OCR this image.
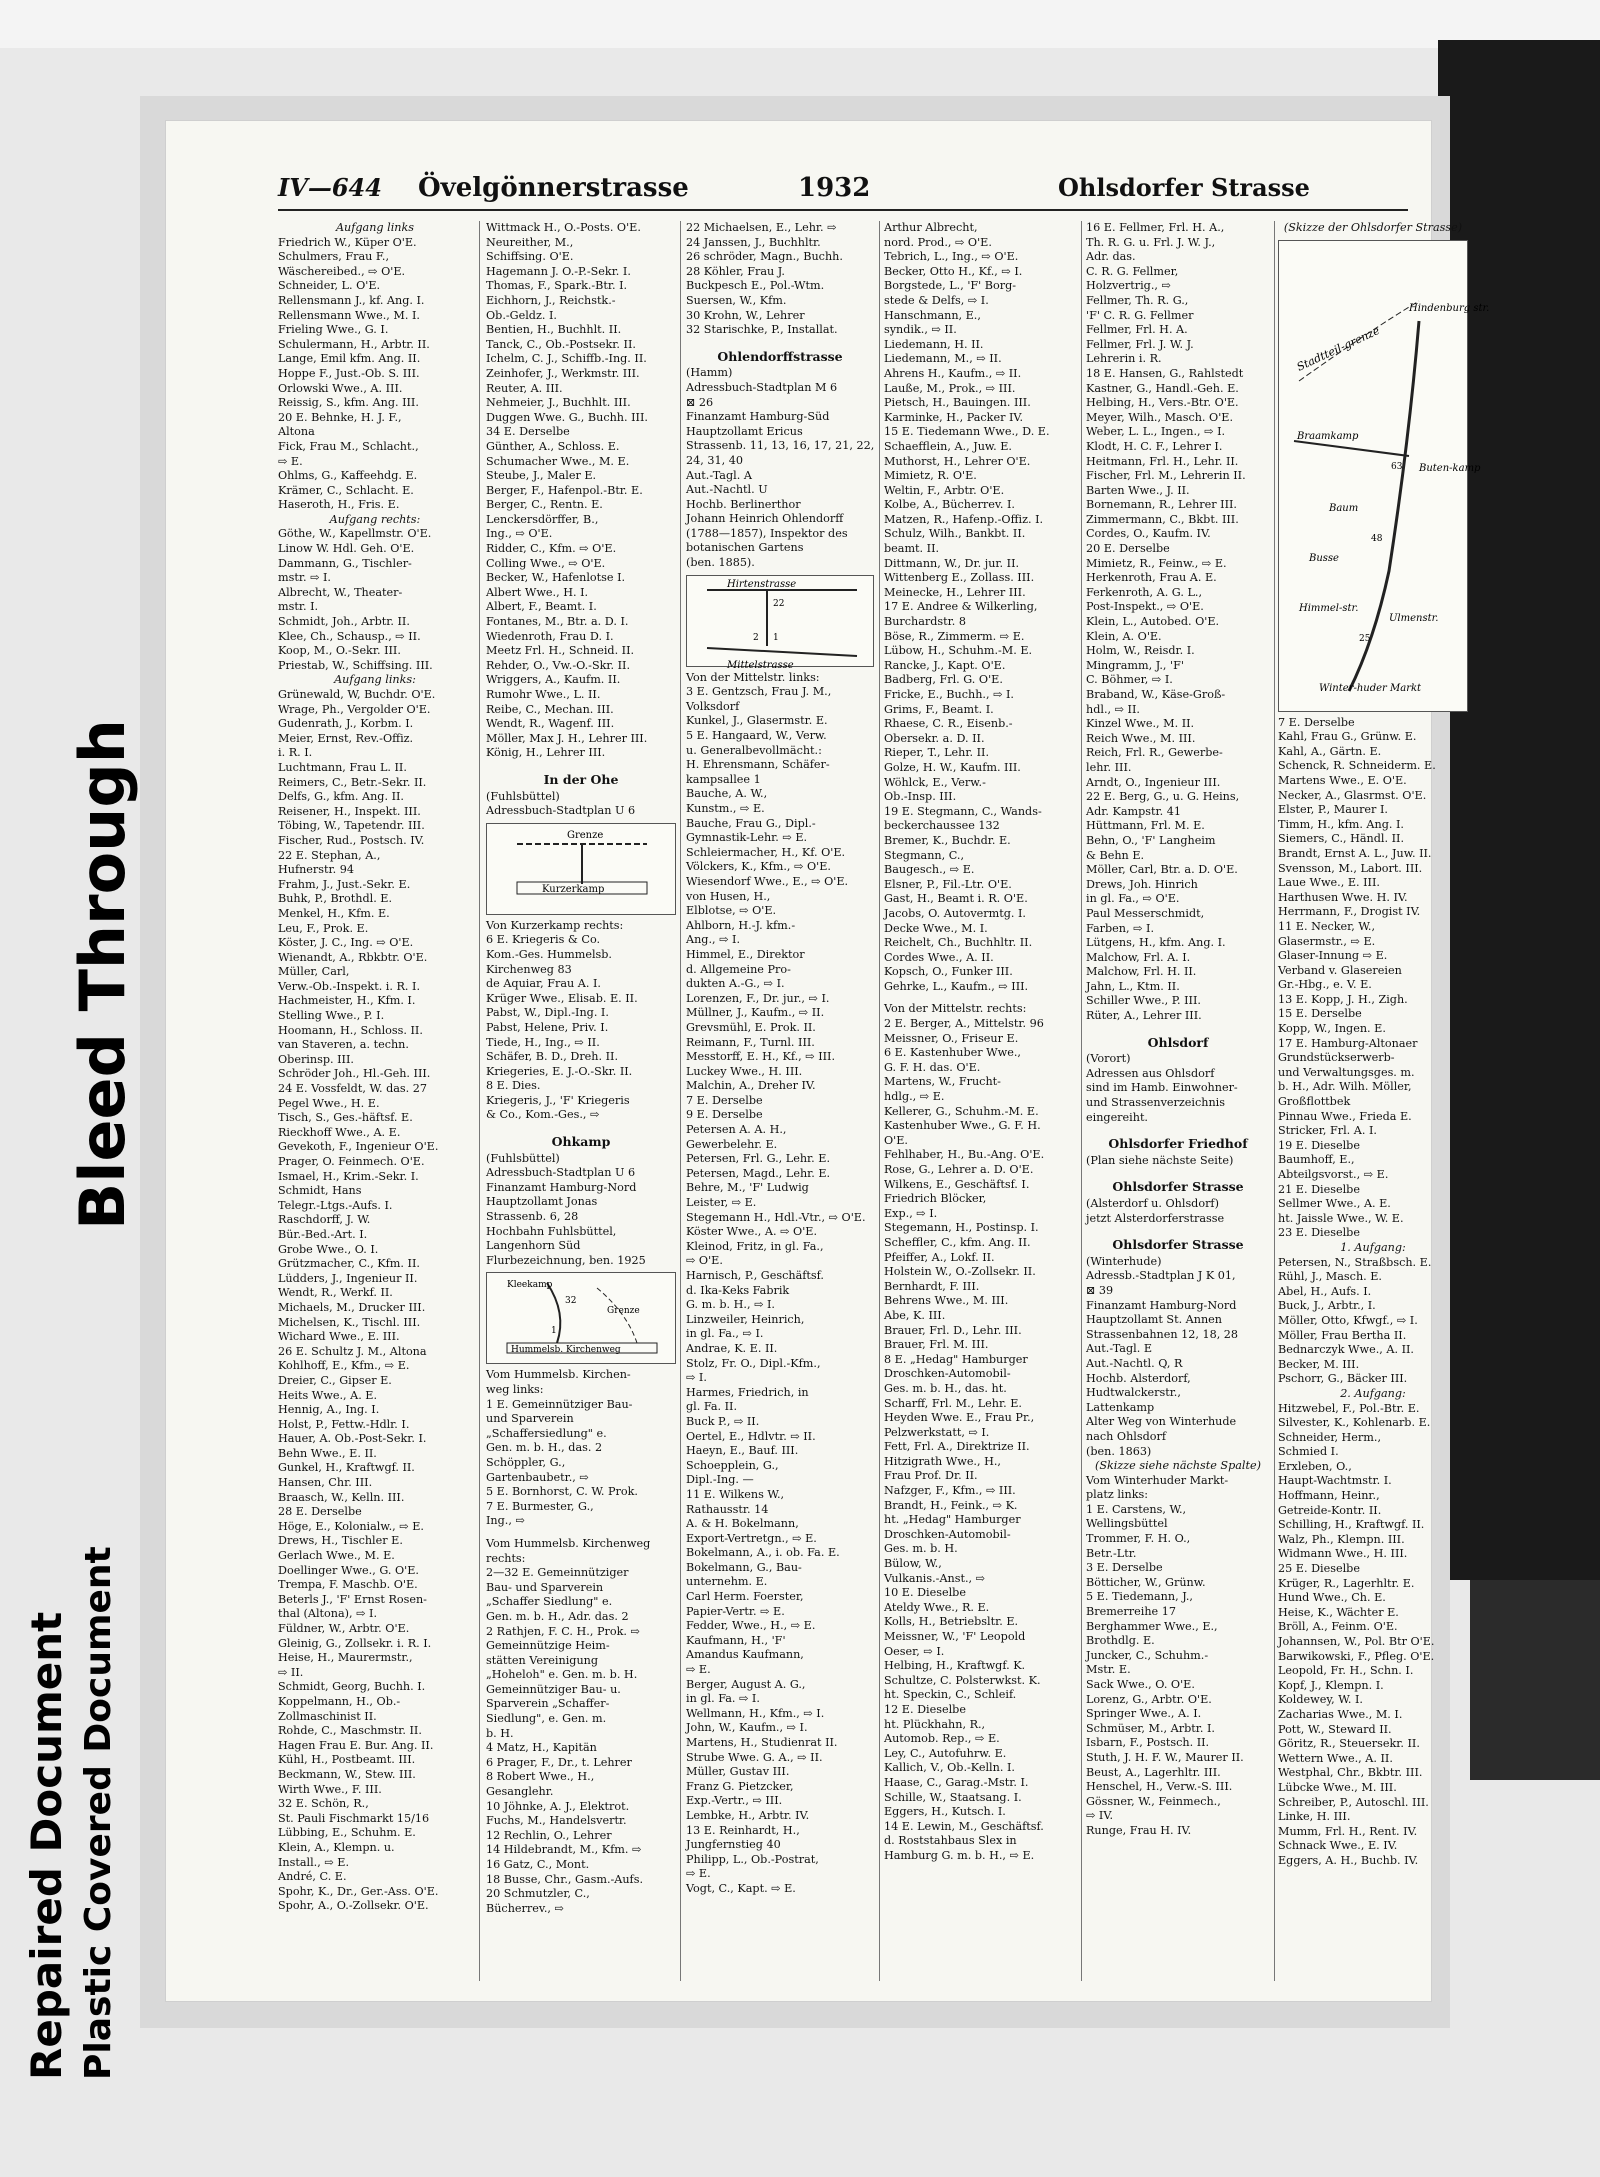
IV—644 Övelgönnerstrasse	1932	Ohlsdorfer Strasse
Aufgang links
Friedrich W., Küper O'E.
Schulmers, Frau F.,
Wäschereibed., ⇨ O'E.
Schneider, L. O'E.
Rellensmann J., kf. Ang. I.
Rellensmann Wwe., M. I.
Frieling Wwe., G. I.
Schulermann, H., Arbtr. II.
Lange, Emil kfm. Ang. II.
Hoppe F., Just.-Ob. S. III.
Orlowski Wwe., A. III.
Reissig, S., kfm. Ang. III.
20 E. Behnke, H. J. F.,
Altona
Fick, Frau M., Schlacht.,
⇨ E.
Ohlms, G., Kaffeehdg. E.
Krämer, C., Schlacht. E.
Haseroth, H., Fris. E.
Aufgang rechts:
Göthe, W., Kapellmstr. O'E.
Linow W. Hdl. Geh. O'E.
Dammann, G., Tischler-
mstr. ⇨ I.
Albrecht, W., Theater-
mstr. I.
Schmidt, Joh., Arbtr. II.
Klee, Ch., Schausp., ⇨ II.
Koop, M., O.-Sekr. III.
Priestab, W., Schiffsing. III.
Aufgang links:
Grünewald, W, Buchdr. O'E.
Wrage, Ph., Vergolder O'E.
Gudenrath, J., Korbm. I.
Meier, Ernst, Rev.-Offiz.
i. R. I.
Luchtmann, Frau L. II.
Reimers, C., Betr.-Sekr. II.
Delfs, G., kfm. Ang. II.
Reisener, H., Inspekt. III.
Töbing, W., Tapetendr. III.
Fischer, Rud., Postsch. IV.
22 E. Stephan, A.,
Hufnerstr. 94
Frahm, J., Just.-Sekr. E.
Buhk, P., Brothdl. E.
Menkel, H., Kfm. E.
Leu, F., Prok. E.
Köster, J. C., Ing. ⇨ O'E.
Wienandt, A., Rbkbtr. O'E.
Müller, Carl,
Verw.-Ob.-Inspekt. i. R. I.
Hachmeister, H., Kfm. I.
Stelling Wwe., P. I.
Hoomann, H., Schloss. II.
van Staveren, a. techn.
Oberinsp. III.
Schröder Joh., Hl.-Geh. III.
24 E. Vossfeldt, W. das. 27
Pegel Wwe., H. E.
Tisch, S., Ges.-häftsf. E.
Rieckhoff Wwe., A. E.
Gevekoth, F., Ingenieur O'E.
Prager, O. Feinmech. O'E.
Ismael, H., Krim.-Sekr. I.
Schmidt, Hans
Telegr.-Ltgs.-Aufs. I.
Raschdorff, J. W.
Bür.-Bed.-Art. I.
Grobe Wwe., O. I.
Grützmacher, C., Kfm. II.
Lüdders, J., Ingenieur II.
Wendt, R., Werkf. II.
Michaels, M., Drucker III.
Michelsen, K., Tischl. III.
Wichard Wwe., E. III.
26 E. Schultz J. M., Altona
Kohlhoff, E., Kfm., ⇨ E.
Dreier, C., Gipser E.
Heits Wwe., A. E.
Hennig, A., Ing. I.
Holst, P., Fettw.-Hdlr. I.
Hauer, A. Ob.-Post-Sekr. I.
Behn Wwe., E. II.
Gunkel, H., Kraftwgf. II.
Hansen, Chr. III.
Braasch, W., Kelln. III.
28 E. Derselbe
Höge, E., Kolonialw., ⇨ E.
Drews, H., Tischler E.
Gerlach Wwe., M. E.
Doellinger Wwe., G. O'E.
Trempa, F. Maschb. O'E.
Beterls J., 'F' Ernst Rosen-
thal (Altona), ⇨ I.
Füldner, W., Arbtr. O'E.
Gleinig, G., Zollsekr. i. R. I.
Heise, H., Maurermstr.,
⇨ II.
Schmidt, Georg, Buchh. I.
Koppelmann, H., Ob.-
Zollmaschinist II.
Rohde, C., Maschmstr. II.
Hagen Frau E. Bur. Ang. II.
Kühl, H., Postbeamt. III.
Beckmann, W., Stew. III.
Wirth Wwe., F. III.
32 E. Schön, R.,
St. Pauli Fischmarkt 15/16
Lübbing, E., Schuhm. E.
Klein, A., Klempn. u.
Install., ⇨ E.
André, C. E.
Spohr, K., Dr., Ger.-Ass. O'E.
Spohr, A., O.-Zollsekr. O'E.
Wittmack H., O.-Posts. O'E.
Neureither, M.,
Schiffsing. O'E.
Hagemann J. O.-P.-Sekr. I.
Thomas, F., Spark.-Btr. I.
Eichhorn, J., Reichstk.-
Ob.-Geldz. I.
Bentien, H., Buchhlt. II.
Tanck, C., Ob.-Postsekr. II.
Ichelm, C. J., Schiffb.-Ing. II.
Zeinhofer, J., Werkmstr. III.
Reuter, A. III.
Nehmeier, J., Buchhlt. III.
Duggen Wwe. G., Buchh. III.
34 E. Derselbe
Günther, A., Schloss. E.
Schumacher Wwe., M. E.
Steube, J., Maler E.
Berger, F., Hafenpol.-Btr. E.
Berger, C., Rentn. E.
Lenckersdörffer, B.,
Ing., ⇨ O'E.
Ridder, C., Kfm. ⇨ O'E.
Colling Wwe., ⇨ O'E.
Becker, W., Hafenlotse I.
Albert Wwe., H. I.
Albert, F., Beamt. I.
Fontanes, M., Btr. a. D. I.
Wiedenroth, Frau D. I.
Meetz Frl. H., Schneid. II.
Rehder, O., Vw.-O.-Skr. II.
Wriggers, A., Kaufm. II.
Rumohr Wwe., L. II.
Reibe, C., Mechan. III.
Wendt, R., Wagenf. III.
Möller, Max J. H., Lehrer III.
König, H., Lehrer III.
In der Ohe
(Fuhlsbüttel)
Adressbuch-Stadtplan U 6
Grenze
Kurzerkamp
Von Kurzerkamp rechts:
6 E. Kriegeris & Co.
Kom.-Ges. Hummelsb.
Kirchenweg 83
de Aquiar, Frau A. I.
Krüger Wwe., Elisab. E. II.
Pabst, W., Dipl.-Ing. I.
Pabst, Helene, Priv. I.
Tiede, H., Ing., ⇨ II.
Schäfer, B. D., Dreh. II.
Kriegeries, E. J.-O.-Skr. II.
8 E. Dies.
Kriegeris, J., 'F' Kriegeris
& Co., Kom.-Ges., ⇨
Ohkamp
(Fuhlsbüttel)
Adressbuch-Stadtplan U 6
Finanzamt Hamburg-Nord
Hauptzollamt Jonas
Strassenb. 6, 28
Hochbahn Fuhlsbüttel,
Langenhorn Süd
Flurbezeichnung, ben. 1925
Hummelsb. Kirchenweg
Kleekamp
Grenze
32
1
Vom Hummelsb. Kirchen-
weg links:
1 E. Gemeinnütziger Bau-
und Sparverein
„Schaffersiedlung" e.
Gen. m. b. H., das. 2
Schöppler, G.,
Gartenbaubetr., ⇨
5 E. Bornhorst, C. W. Prok.
7 E. Burmester, G.,
Ing., ⇨
Vom Hummelsb. Kirchenweg
rechts:
2—32 E. Gemeinnütziger
Bau- und Sparverein
„Schaffer Siedlung" e.
Gen. m. b. H., Adr. das. 2
2 Rathjen, F. C. H., Prok. ⇨
Gemeinnützige Heim-
stätten Vereinigung
„Hoheloh" e. Gen. m. b. H.
Gemeinnütziger Bau- u.
Sparverein „Schaffer-
Siedlung", e. Gen. m.
b. H.
4 Matz, H., Kapitän
6 Prager, F., Dr., t. Lehrer
8 Robert Wwe., H.,
Gesanglehr.
10 Jöhnke, A. J., Elektrot.
Fuchs, M., Handelsvertr.
12 Rechlin, O., Lehrer
14 Hildebrandt, M., Kfm. ⇨
16 Gatz, C., Mont.
18 Busse, Chr., Gasm.-Aufs.
20 Schmutzler, C.,
Bücherrev., ⇨
22 Michaelsen, E., Lehr. ⇨
24 Janssen, J., Buchhltr.
26 schröder, Magn., Buchh.
28 Köhler, Frau J.
Buckpesch E., Pol.-Wtm.
Suersen, W., Kfm.
30 Krohn, W., Lehrer
32 Starischke, P., Installat.
Ohlendorffstrasse
(Hamm)
Adressbuch-Stadtplan M 6
⊠ 26
Finanzamt Hamburg-Süd
Hauptzollamt Ericus
Strassenb. 11, 13, 16, 17, 21, 22,
24, 31, 40
Aut.-Tagl. A
Aut.-Nachtl. U
Hochb. Berlinerthor
Johann Heinrich Ohlendorff
(1788—1857), Inspektor des
botanischen Gartens
(ben. 1885).
Hirtenstrasse
Mittelstrasse
22
1
2
Von der Mittelstr. links:
3 E. Gentzsch, Frau J. M.,
Volksdorf
Kunkel, J., Glasermstr. E.
5 E. Hangaard, W., Verw.
u. Generalbevollmächt.:
H. Ehrensmann, Schäfer-
kampsallee 1
Bauche, A. W.,
Kunstm., ⇨ E.
Bauche, Frau G., Dipl.-
Gymnastik-Lehr. ⇨ E.
Schleiermacher, H., Kf. O'E.
Völckers, K., Kfm., ⇨ O'E.
Wiesendorf Wwe., E., ⇨ O'E.
von Husen, H.,
Elblotse, ⇨ O'E.
Ahlborn, H.-J. kfm.-
Ang., ⇨ I.
Himmel, E., Direktor
d. Allgemeine Pro-
dukten A.-G., ⇨ I.
Lorenzen, F., Dr. jur., ⇨ I.
Müllner, J., Kaufm., ⇨ II.
Grevsmühl, E. Prok. II.
Reimann, F., Turnl. III.
Messtorff, E. H., Kf., ⇨ III.
Luckey Wwe., H. III.
Malchin, A., Dreher IV.
7 E. Derselbe
9 E. Derselbe
Petersen A. A. H.,
Gewerbelehr. E.
Petersen, Frl. G., Lehr. E.
Petersen, Magd., Lehr. E.
Behre, M., 'F' Ludwig
Leister, ⇨ E.
Stegemann H., Hdl.-Vtr., ⇨ O'E.
Köster Wwe., A. ⇨ O'E.
Kleinod, Fritz, in gl. Fa.,
⇨ O'E.
Harnisch, P., Geschäftsf.
d. Ika-Keks Fabrik
G. m. b. H., ⇨ I.
Linzweiler, Heinrich,
in gl. Fa., ⇨ I.
Andrae, K. E. II.
Stolz, Fr. O., Dipl.-Kfm.,
⇨ I.
Harmes, Friedrich, in
gl. Fa. II.
Buck P., ⇨ II.
Oertel, E., Hdlvtr. ⇨ II.
Haeyn, E., Bauf. III.
Schoepplein, G.,
Dipl.-Ing. —
11 E. Wilkens W.,
Rathausstr. 14
A. & H. Bokelmann,
Export-Vertretgn., ⇨ E.
Bokelmann, A., i. ob. Fa. E.
Bokelmann, G., Bau-
unternehm. E.
Carl Herm. Foerster,
Papier-Vertr. ⇨ E.
Fedder, Wwe., H., ⇨ E.
Kaufmann, H., 'F'
Amandus Kaufmann,
⇨ E.
Berger, August A. G.,
in gl. Fa. ⇨ I.
Wellmann, H., Kfm., ⇨ I.
John, W., Kaufm., ⇨ I.
Martens, H., Studienrat II.
Strube Wwe. G. A., ⇨ II.
Müller, Gustav III.
Franz G. Pietzcker,
Exp.-Vertr., ⇨ III.
Lembke, H., Arbtr. IV.
13 E. Reinhardt, H.,
Jungfernstieg 40
Philipp, L., Ob.-Postrat,
⇨ E.
Vogt, C., Kapt. ⇨ E.
Arthur Albrecht,
nord. Prod., ⇨ O'E.
Tebrich, L., Ing., ⇨ O'E.
Becker, Otto H., Kf., ⇨ I.
Borgstede, L., 'F' Borg-
stede & Delfs, ⇨ I.
Hanschmann, E.,
syndik., ⇨ II.
Liedemann, H. II.
Liedemann, M., ⇨ II.
Ahrens H., Kaufm., ⇨ II.
Lauße, M., Prok., ⇨ III.
Pietsch, H., Bauingen. III.
Karminke, H., Packer IV.
15 E. Tiedemann Wwe., D. E.
Schaefflein, A., Juw. E.
Muthorst, H., Lehrer O'E.
Mimietz, R. O'E.
Weltin, F., Arbtr. O'E.
Kolbe, A., Bücherrev. I.
Matzen, R., Hafenp.-Offiz. I.
Schulz, Wilh., Bankbt. II.
beamt. II.
Dittmann, W., Dr. jur. II.
Wittenberg E., Zollass. III.
Meinecke, H., Lehrer III.
17 E. Andree & Wilkerling,
Burchardstr. 8
Böse, R., Zimmerm. ⇨ E.
Lübow, H., Schuhm.-M. E.
Rancke, J., Kapt. O'E.
Badberg, Frl. G. O'E.
Fricke, E., Buchh., ⇨ I.
Grims, F., Beamt. I.
Rhaese, C. R., Eisenb.-
Obersekr. a. D. II.
Rieper, T., Lehr. II.
Golze, H. W., Kaufm. III.
Wöhlck, E., Verw.-
Ob.-Insp. III.
19 E. Stegmann, C., Wands-
beckerchaussee 132
Bremer, K., Buchdr. E.
Stegmann, C.,
Baugesch., ⇨ E.
Elsner, P., Fil.-Ltr. O'E.
Gast, H., Beamt i. R. O'E.
Jacobs, O. Autovermtg. I.
Decke Wwe., M. I.
Reichelt, Ch., Buchhltr. II.
Cordes Wwe., A. II.
Kopsch, O., Funker III.
Gehrke, L., Kaufm., ⇨ III.
Von der Mittelstr. rechts:
2 E. Berger, A., Mittelstr. 96
Meissner, O., Friseur E.
6 E. Kastenhuber Wwe.,
G. F. H. das. O'E.
Martens, W., Frucht-
hdlg., ⇨ E.
Kellerer, G., Schuhm.-M. E.
Kastenhuber Wwe., G. F. H.
O'E.
Fehlhaber, H., Bu.-Ang. O'E.
Rose, G., Lehrer a. D. O'E.
Wilkens, E., Geschäftsf. I.
Friedrich Blöcker,
Exp., ⇨ I.
Stegemann, H., Postinsp. I.
Scheffler, C., kfm. Ang. II.
Pfeiffer, A., Lokf. II.
Holstein W., O.-Zollsekr. II.
Bernhardt, F. III.
Behrens Wwe., M. III.
Abe, K. III.
Brauer, Frl. D., Lehr. III.
Brauer, Frl. M. III.
8 E. „Hedag" Hamburger
Droschken-Automobil-
Ges. m. b. H., das. ht.
Scharff, Frl. M., Lehr. E.
Heyden Wwe. E., Frau Pr.,
Pelzwerkstatt, ⇨ I.
Fett, Frl. A., Direktrize II.
Hitzigrath Wwe., H.,
Frau Prof. Dr. II.
Nafzger, F., Kfm., ⇨ III.
Brandt, H., Feink., ⇨ K.
ht. „Hedag" Hamburger
Droschken-Automobil-
Ges. m. b. H.
Bülow, W.,
Vulkanis.-Anst., ⇨
10 E. Dieselbe
Ateldy Wwe., R. E.
Kolls, H., Betriebsltr. E.
Meissner, W., 'F' Leopold
Oeser, ⇨ I.
Helbing, H., Kraftwgf. K.
Schultze, C. Polsterwkst. K.
ht. Speckin, C., Schleif.
12 E. Dieselbe
ht. Plückhahn, R.,
Automob. Rep., ⇨ E.
Ley, C., Autofuhrw. E.
Kallich, V., Ob.-Kelln. I.
Haase, C., Garag.-Mstr. I.
Schille, W., Staatsang. I.
Eggers, H., Kutsch. I.
14 E. Lewin, M., Geschäftsf.
d. Roststahbaus Slex in
Hamburg G. m. b. H., ⇨ E.
16 E. Fellmer, Frl. H. A.,
Th. R. G. u. Frl. J. W. J.,
Adr. das.
C. R. G. Fellmer,
Holzvertrig., ⇨
Fellmer, Th. R. G.,
'F' C. R. G. Fellmer
Fellmer, Frl. H. A.
Fellmer, Frl. J. W. J.
Lehrerin i. R.
18 E. Hansen, G., Rahlstedt
Kastner, G., Handl.-Geh. E.
Helbing, H., Vers.-Btr. O'E.
Meyer, Wilh., Masch. O'E.
Weber, L. L., Ingen., ⇨ I.
Klodt, H. C. F., Lehrer I.
Heitmann, Frl. H., Lehr. II.
Fischer, Frl. M., Lehrerin II.
Barten Wwe., J. II.
Bornemann, R., Lehrer III.
Zimmermann, C., Bkbt. III.
Cordes, O., Kaufm. IV.
20 E. Derselbe
Mimietz, R., Feinw., ⇨ E.
Herkenroth, Frau A. E.
Ferkenroth, A. G. L.,
Post-Inspekt., ⇨ O'E.
Klein, L., Autobed. O'E.
Klein, A. O'E.
Holm, W., Reisdr. I.
Mingramm, J., 'F'
C. Böhmer, ⇨ I.
Braband, W., Käse-Groß-
hdl., ⇨ II.
Kinzel Wwe., M. II.
Reich Wwe., M. III.
Reich, Frl. R., Gewerbe-
lehr. III.
Arndt, O., Ingenieur III.
22 E. Berg, G., u. G. Heins,
Adr. Kampstr. 41
Hüttmann, Frl. M. E.
Behn, O., 'F' Langheim
& Behn E.
Möller, Carl, Btr. a. D. O'E.
Drews, Joh. Hinrich
in gl. Fa., ⇨ O'E.
Paul Messerschmidt,
Farben, ⇨ I.
Lütgens, H., kfm. Ang. I.
Malchow, Frl. A. I.
Malchow, Frl. H. II.
Jahn, L., Ktm. II.
Schiller Wwe., P. III.
Rüter, A., Lehrer III.
Ohlsdorf
(Vorort)
Adressen aus Ohlsdorf
sind im Hamb. Einwohner-
und Strassenverzeichnis
eingereiht.
Ohlsdorfer Friedhof
(Plan siehe nächste Seite)
Ohlsdorfer Strasse
(Alsterdorf u. Ohlsdorf)
jetzt Alsterdorferstrasse
Ohlsdorfer Strasse
(Winterhude)
Adressb.-Stadtplan J K 01,
⊠ 39
Finanzamt Hamburg-Nord
Hauptzollamt St. Annen
Strassenbahnen 12, 18, 28
Aut.-Tagl. E
Aut.-Nachtl. Q, R
Hochb. Alsterdorf,
Hudtwalckerstr.,
Lattenkamp
Alter Weg von Winterhude
nach Ohlsdorf
(ben. 1863)
(Skizze siehe nächste Spalte)
Vom Winterhuder Markt-
platz links:
1 E. Carstens, W.,
Wellingsbüttel
Trommer, F. H. O.,
Betr.-Ltr.
3 E. Derselbe
Bötticher, W., Grünw.
5 E. Tiedemann, J.,
Bremerreihe 17
Berghammer Wwe., E.,
Brothdlg. E.
Juncker, C., Schuhm.-
Mstr. E.
Sack Wwe., O. O'E.
Lorenz, G., Arbtr. O'E.
Springer Wwe., A. I.
Schmüser, M., Arbtr. I.
Isbarn, F., Postsch. II.
Stuth, J. H. F. W., Maurer II.
Beust, A., Lagerhltr. III.
Henschel, H., Verw.-S. III.
Gössner, W., Feinmech.,
⇨ IV.
Runge, Frau H. IV.
(Skizze der Ohlsdorfer Strasse)
Stadtteil-grenze
Hindenburg str.
Braamkamp
Buten-kamp
Baum
Busse
Himmel-str.
Ulmenstr.
Winter-huder Markt
63
48
25
7 E. Derselbe
Kahl, Frau G., Grünw. E.
Kahl, A., Gärtn. E.
Schenck, R. Schneiderm. E.
Martens Wwe., E. O'E.
Necker, A., Glasrmst. O'E.
Elster, P., Maurer I.
Timm, H., kfm. Ang. I.
Siemers, C., Händl. II.
Brandt, Ernst A. L., Juw. II.
Svensson, M., Labort. III.
Laue Wwe., E. III.
Harthusen Wwe. H. IV.
Herrmann, F., Drogist IV.
11 E. Necker, W.,
Glasermstr., ⇨ E.
Glaser-Innung ⇨ E.
Verband v. Glasereien
Gr.-Hbg., e. V. E.
13 E. Kopp, J. H., Zigh.
15 E. Derselbe
Kopp, W., Ingen. E.
17 E. Hamburg-Altonaer
Grundstückserwerb-
und Verwaltungsges. m.
b. H., Adr. Wilh. Möller,
Großflottbek
Pinnau Wwe., Frieda E.
Stricker, Frl. A. I.
19 E. Dieselbe
Baumhoff, E.,
Abteilgsvorst., ⇨ E.
21 E. Dieselbe
Sellmer Wwe., A. E.
ht. Jaissle Wwe., W. E.
23 E. Dieselbe
1. Aufgang:
Petersen, N., Straßbsch. E.
Rühl, J., Masch. E.
Abel, H., Aufs. I.
Buck, J., Arbtr., I.
Möller, Otto, Kfwgf., ⇨ I.
Möller, Frau Bertha II.
Bednarczyk Wwe., A. II.
Becker, M. III.
Pschorr, G., Bäcker III.
2. Aufgang:
Hitzwebel, F., Pol.-Btr. E.
Silvester, K., Kohlenarb. E.
Schneider, Herm.,
Schmied I.
Erxleben, O.,
Haupt-Wachtmstr. I.
Hoffmann, Heinr.,
Getreide-Kontr. II.
Schilling, H., Kraftwgf. II.
Walz, Ph., Klempn. III.
Widmann Wwe., H. III.
25 E. Dieselbe
Krüger, R., Lagerhltr. E.
Hund Wwe., Ch. E.
Heise, K., Wächter E.
Bröll, A., Feinm. O'E.
Johannsen, W., Pol. Btr O'E.
Barwikowski, F., Pfleg. O'E.
Leopold, Fr. H., Schn. I.
Kopf, J., Klempn. I.
Koldewey, W. I.
Zacharias Wwe., M. I.
Pott, W., Steward II.
Göritz, R., Steuersekr. II.
Wettern Wwe., A. II.
Westphal, Chr., Bkbtr. III.
Lübcke Wwe., M. III.
Schreiber, P., Autoschl. III.
Linke, H. III.
Mumm, Frl. H., Rent. IV.
Schnack Wwe., E. IV.
Eggers, A. H., Buchb. IV.
Repaired Document Plastic Covered Document
Bleed Through
